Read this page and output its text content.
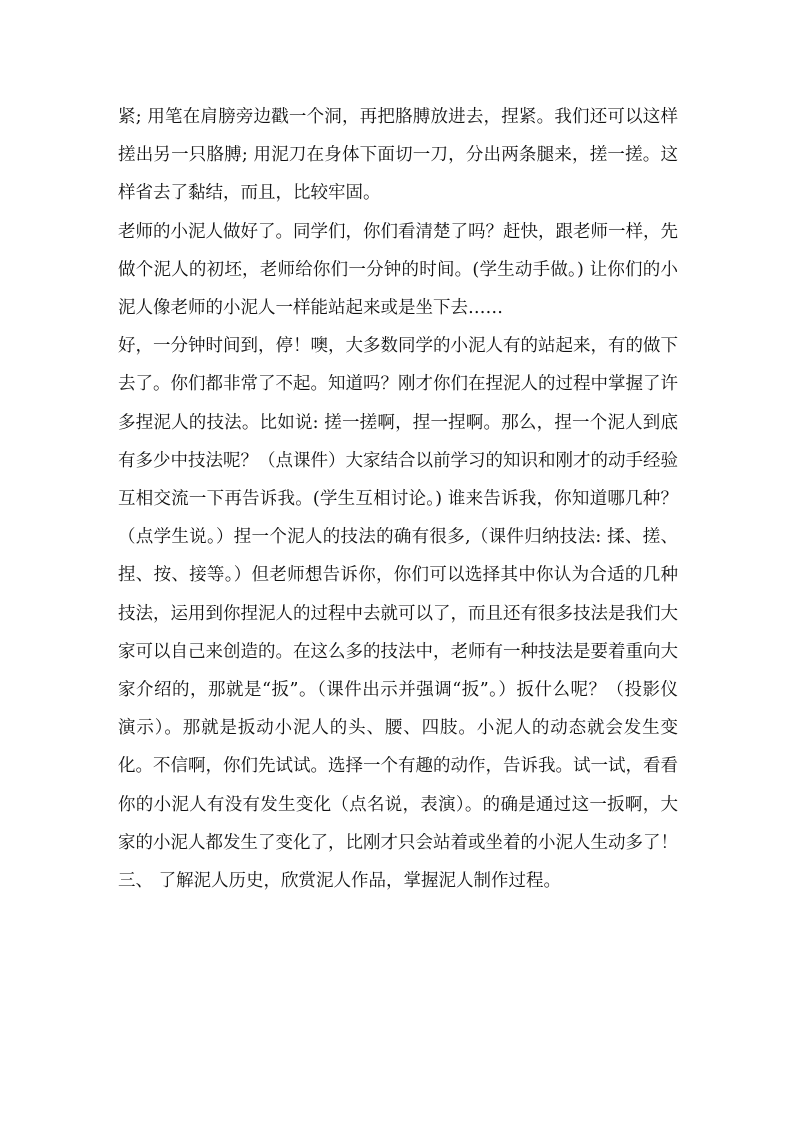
紧; 用笔在肩膀旁边戳一个洞，再把胳膊放进去，捏紧。我们还可以这样搓出另一只胳膊; 用泥刀在身体下面切一刀，分出两条腿来，搓一搓。这样省去了黏结，而且，比较牢固。

老师的小泥人做好了。同学们，你们看清楚了吗？赶快，跟老师一样，先做个泥人的初坯，老师给你们一分钟的时间。(学生动手做。) 让你们的小泥人像老师的小泥人一样能站起来或是坐下去……

好，一分钟时间到，停！噢，大多数同学的小泥人有的站起来，有的做下去了。你们都非常了不起。知道吗？刚才你们在捏泥人的过程中掌握了许多捏泥人的技法。比如说: 搓一搓啊，捏一捏啊。那么，捏一个泥人到底有多少中技法呢？（点课件）大家结合以前学习的知识和刚才的动手经验互相交流一下再告诉我。(学生互相讨论。) 谁来告诉我，你知道哪几种？（点学生说。）捏一个泥人的技法的确有很多,（课件归纳技法: 揉、搓、捏、按、接等。）但老师想告诉你，你们可以选择其中你认为合适的几种技法，运用到你捏泥人的过程中去就可以了，而且还有很多技法是我们大家可以自己来创造的。在这么多的技法中，老师有一种技法是要着重向大家介绍的，那就是“扳”。（课件出示并强调“扳”。）扳什么呢？（投影仪演示）。那就是扳动小泥人的头、腰、四肢。小泥人的动态就会发生变化。不信啊，你们先试试。选择一个有趣的动作，告诉我。试一试，看看你的小泥人有没有发生变化（点名说，表演）。的确是通过这一扳啊，大家的小泥人都发生了变化了，比刚才只会站着或坐着的小泥人生动多了！

三、 了解泥人历史，欣赏泥人作品，掌握泥人制作过程。
